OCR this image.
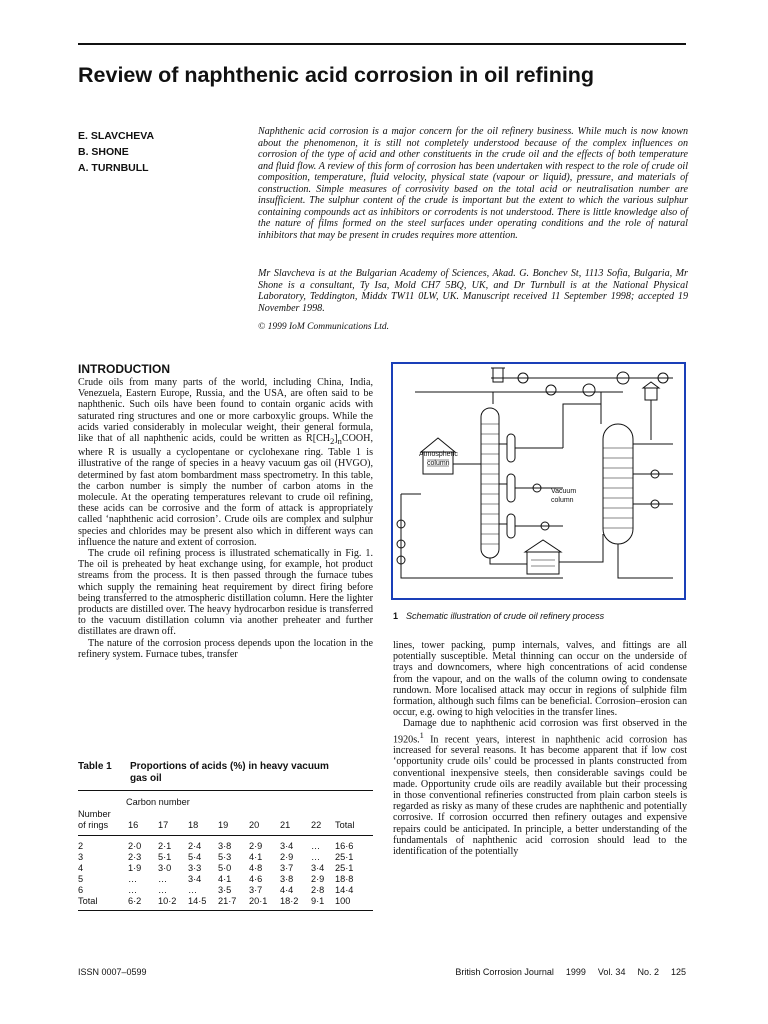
Review of naphthenic acid corrosion in oil refining
E. SLAVCHEVA
B. SHONE
A. TURNBULL

Naphthenic acid corrosion is a major concern for the oil refinery business. While much is now known about the phenomenon, it is still not completely understood because of the complex influences on corrosion of the type of acid and other constituents in the crude oil and the effects of both temperature and fluid flow. A review of this form of corrosion has been undertaken with respect to the role of crude oil composition, temperature, fluid velocity, physical state (vapour or liquid), pressure, and materials of construction. Simple measures of corrosivity based on the total acid or neutralisation number are insufficient. The sulphur content of the crude is important but the extent to which the various sulphur containing compounds act as inhibitors or corrodents is not understood. There is little knowledge also of the nature of films formed on the steel surfaces under operating conditions and the role of natural inhibitors that may be present in crudes requires more attention.

Mr Slavcheva is at the Bulgarian Academy of Sciences, Akad. G. Bonchev St, 1113 Sofia, Bulgaria, Mr Shone is a consultant, Ty Isa, Mold CH7 5BQ, UK, and Dr Turnbull is at the National Physical Laboratory, Teddington, Middx TW11 0LW, UK. Manuscript received 11 September 1998; accepted 19 November 1998.

© 1999 IoM Communications Ltd.

INTRODUCTION

Crude oils from many parts of the world, including China, India, Venezuela, Eastern Europe, Russia, and the USA, are often said to be naphthenic. Such oils have been found to contain organic acids with saturated ring structures and one or more carboxylic groups. While the acids varied considerably in molecular weight, their general formula, like that of all naphthenic acids, could be written as $R[CH_2]_nCOOH$, where R is usually a cyclopentane or cyclohexane ring. Table 1 is illustrative of the range of species in a heavy vacuum gas oil (HVGO), determined by fast atom bombardment mass spectrometry. In this table, the carbon number is simply the number of carbon atoms in the molecule. At the operating temperatures relevant to crude oil refining, these acids can be corrosive and the form of attack is appropriately called ‘naphthenic acid corrosion’. Crude oils are complex and sulphur species and chlorides may be present also which in different ways can influence the nature and extent of corrosion.

The crude oil refining process is illustrated schematically in Fig. 1. The oil is preheated by heat exchange using, for example, hot product streams from the process. It is then passed through the furnace tubes which supply the remaining heat requirement by direct firing before being transferred to the atmospheric distillation column. Here the lighter products are distilled over. The heavy hydrocarbon residue is transferred to the vacuum distillation column via another preheater and further distillates are drawn off.

The nature of the corrosion process depends upon the location in the refinery system. Furnace tubes, transfer

Atmospheric column
Vacuum column
1 Schematic illustration of crude oil refinery process

lines, tower packing, pump internals, valves, and fittings are all potentially susceptible. Metal thinning can occur on the underside of trays and downcomers, where high concentrations of acid condense from the vapour, and on the walls of the column owing to condensate rundown. More localised attack may occur in regions of sulphide film formation, although such films can be beneficial. Corrosion–erosion can occur, e.g. owing to high velocities in the transfer lines.

Damage due to naphthenic acid corrosion was first observed in the 1920s.$^1$ In recent years, interest in naphthenic acid corrosion has increased for several reasons. It has become apparent that if low cost ‘opportunity crude oils’ could be processed in plants constructed from conventional inexpensive steels, then considerable savings could be made. Opportunity crude oils are readily available but their processing in those conventional refineries constructed from plain carbon steels is regarded as risky as many of these crudes are naphthenic and potentially corrosive. If corrosion occurred then refinery outages and expensive repairs could be anticipated. In principle, a better understanding of the fundamentals of naphthenic acid corrosion should lead to the identification of the potentially

Table 1 Proportions of acids (%) in heavy vacuum
gas oil
Carbon number
Number
of rings 16 17 18 19 20 21 22 Total
2	2·0 2·1 2·4 3·8 2·9 3·4 … 16·6
3	2·3 5·1 5·4 5·3 4·1 2·9 … 25·1
4	1·9 3·0 3·3 5·0 4·8 3·7 3·4 25·1
5	… … 3·4 4·1 4·6 3·8 2·9 18·8
6	… … … 3·5 3·7 4·4 2·8 14·4
Total	6·2 10·2 14·5 21·7 20·1 18·2 9·1 100
ISSN 0007–0599	British Corrosion Journal 1999 Vol. 34 No. 2 125
